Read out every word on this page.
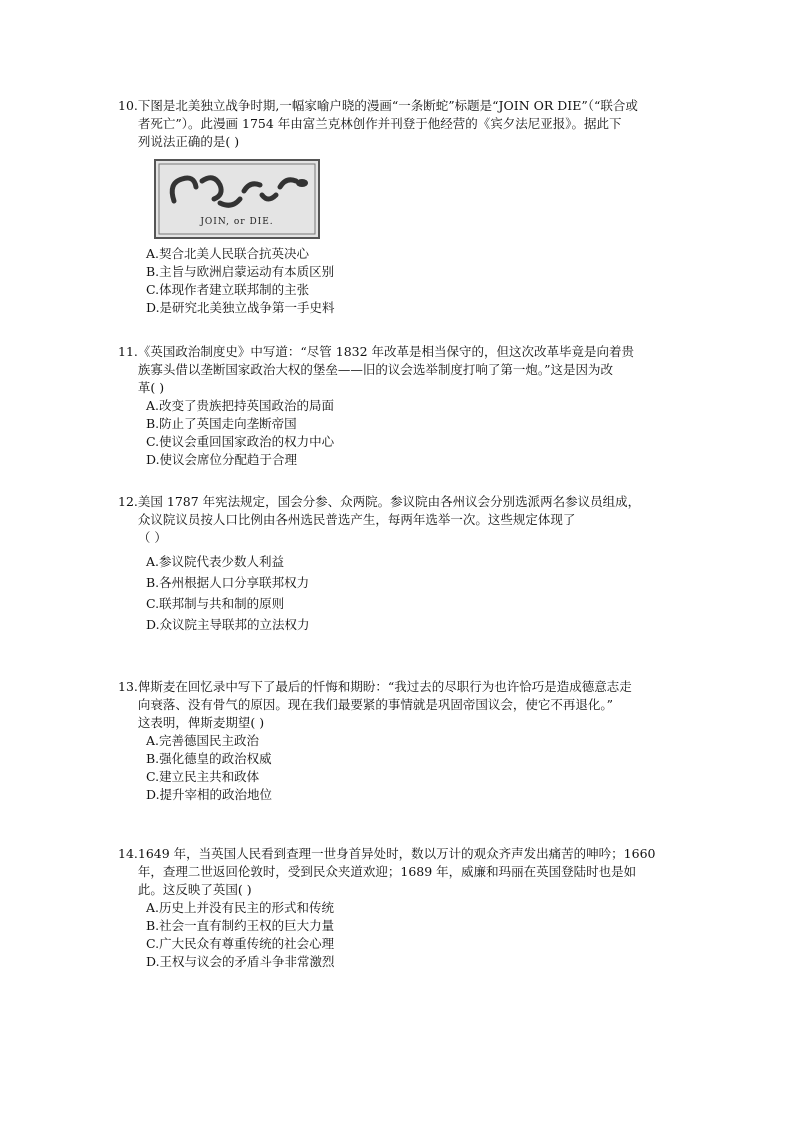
10. 下图是北美独立战争时期,一幅家喻户晓的漫画“一条断蛇”标题是“JOIN OR DIE”（“联合或
者死亡”）。此漫画 1754 年由富兰克林创作并刊登于他经营的《宾夕法尼亚报》。据此下
列说法正确的是( )
JOIN, or DIE.
A.契合北美人民联合抗英决心
B.主旨与欧洲启蒙运动有本质区别
C.体现作者建立联邦制的主张
D.是研究北美独立战争第一手史料
11. 《英国政治制度史》中写道：“尽管 1832 年改革是相当保守的，但这次改革毕竟是向着贵
族寡头借以垄断国家政治大权的堡垒——旧的议会选举制度打响了第一炮。”这是因为改
革( )
A.改变了贵族把持英国政治的局面
B.防止了英国走向垄断帝国
C.使议会重回国家政治的权力中心
D.使议会席位分配趋于合理
12. 美国 1787 年宪法规定，国会分参、众两院。参议院由各州议会分别选派两名参议员组成，
众议院议员按人口比例由各州选民普选产生，每两年选举一次。这些规定体现了
（ ）
A.参议院代表少数人利益
B.各州根据人口分享联邦权力
C.联邦制与共和制的原则
D.众议院主导联邦的立法权力
13. 俾斯麦在回忆录中写下了最后的忏悔和期盼：“我过去的尽职行为也许恰巧是造成德意志走
向衰落、没有骨气的原因。现在我们最要紧的事情就是巩固帝国议会，使它不再退化。”
这表明，俾斯麦期望( )
A.完善德国民主政治
B.强化德皇的政治权威
C.建立民主共和政体
D.提升宰相的政治地位
14. 1649 年，当英国人民看到查理一世身首异处时，数以万计的观众齐声发出痛苦的呻吟；1660
年，查理二世返回伦敦时，受到民众夹道欢迎；1689 年，威廉和玛丽在英国登陆时也是如
此。这反映了英国( )
A.历史上并没有民主的形式和传统
B.社会一直有制约王权的巨大力量
C.广大民众有尊重传统的社会心理
D.王权与议会的矛盾斗争非常激烈
